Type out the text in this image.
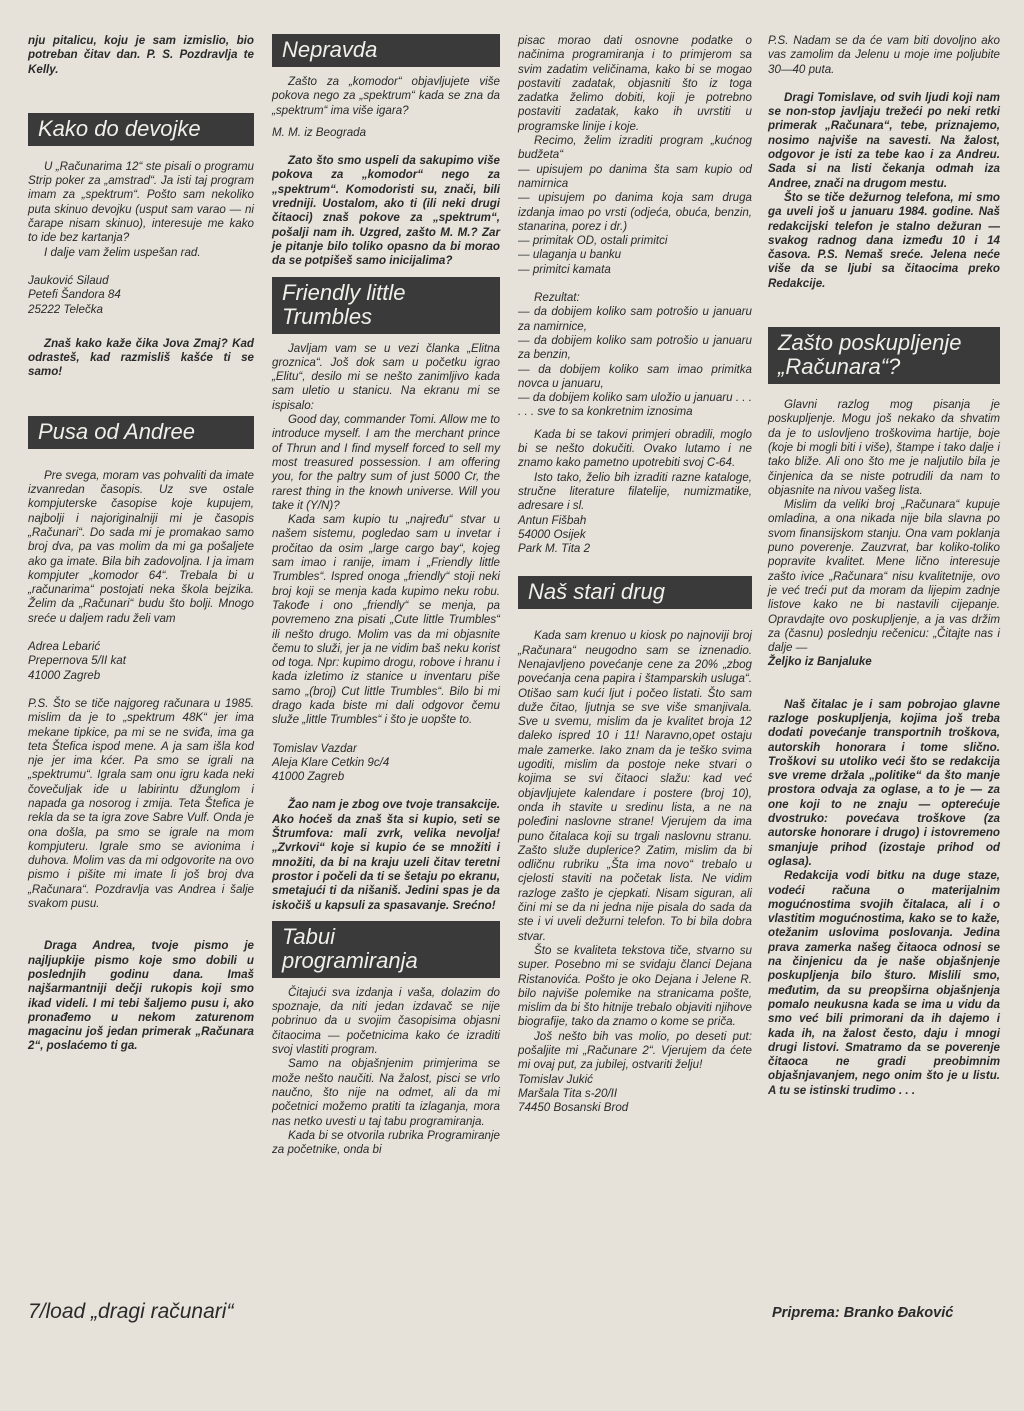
nju pitalicu, koju je sam izmislio, bio potreban čitav dan. P. S. Pozdravlja te Kelly.

Kako do devojke

U „Računarima 12“ ste pisali o programu Strip poker za „amstrad“. Ja isti taj program imam za „spektrum“. Pošto sam nekoliko puta skinuo devojku (usput sam varao — ni čarape nisam skinuo), interesuje me kako to ide bez kartanja?

I dalje vam želim uspešan rad.

Jauković Silaud
Petefi Šandora 84
25222 Telečka

Znaš kako kaže čika Jova Zmaj? Kad odrasteš, kad razmisliš kašće ti se samo!

Pusa od Andree

Pre svega, moram vas pohvaliti da imate izvanredan časopis. Uz sve ostale kompjuterske časopise koje kupujem, najbolji i najoriginalniji mi je časopis „Računari“. Do sada mi je promakao samo broj dva, pa vas molim da mi ga pošaljete ako ga imate. Bila bih zadovoljna. I ja imam kompjuter „komodor 64“. Trebala bi u „računarima“ postojati neka škola bejzika. Želim da „Računari“ budu što bolji. Mnogo sreće u daljem radu želi vam

Adrea Lebarić
Prepernova 5/II kat
41000 Zagreb

P.S. Što se tiče najgoreg računara u 1985. mislim da je to „spektrum 48K“ jer ima mekane tipkice, pa mi se ne sviđa, ima ga teta Štefica ispod mene. A ja sam išla kod nje jer ima kćer. Pa smo se igrali na „spektrumu“. Igrala sam onu igru kada neki čovečuljak ide u labirintu džunglom i napada ga nosorog i zmija. Teta Štefica je rekla da se ta igra zove Sabre Vulf. Onda je ona došla, pa smo se igrale na mom kompjuteru. Igrale smo se avionima i duhova. Molim vas da mi odgovorite na ovo pismo i pišite mi imate li još broj dva „Računara“. Pozdravlja vas Andrea i šalje svakom pusu.

Draga Andrea, tvoje pismo je najljupkije pismo koje smo dobili u poslednjih godinu dana. Imaš najšarmantniji dečji rukopis koji smo ikad videli. I mi tebi šaljemo pusu i, ako pronađemo u nekom zaturenom magacinu još jedan primerak „Računara 2“, poslaćemo ti ga.

Nepravda

Zašto za „komodor“ objavljujete više pokova nego za „spektrum“ kada se zna da „spektrum“ ima više igara?

M. M. iz Beograda

Zato što smo uspeli da sakupimo više pokova za „komodor“ nego za „spektrum“. Komodoristi su, znači, bili vredniji. Uostalom, ako ti (ili neki drugi čitaoci) znaš pokove za „spektrum“, pošalji nam ih. Uzgred, zašto M. M.? Zar je pitanje bilo toliko opasno da bi morao da se potpišeš samo inicijalima?

Friendly little
Trumbles

Javljam vam se u vezi članka „Elitna groznica“. Još dok sam u početku igrao „Elitu“, desilo mi se nešto zanimljivo kada sam uletio u stanicu. Na ekranu mi se ispisalo:

Good day, commander Tomi. Allow me to introduce myself. I am the merchant prince of Thrun and I find myself forced to sell my most treasured possession. I am offering you, for the paltry sum of just 5000 Cr, the rarest thing in the knowh universe. Will you take it (Y/N)?

Kada sam kupio tu „najređu“ stvar u našem sistemu, pogledao sam u invetar i pročitao da osim „large cargo bay“, kojeg sam imao i ranije, imam i „Friendly little Trumbles“. Ispred onoga „friendly“ stoji neki broj koji se menja kada kupimo neku robu. Takođe i ono „friendly“ se menja, pa povremeno zna pisati „Cute little Trumbles“ ili nešto drugo. Molim vas da mi objasnite čemu to služi, jer ja ne vidim baš neku korist od toga. Npr: kupimo drogu, robove i hranu i kada izletimo iz stanice u inventaru piše samo „(broj) Cut little Trumbles“. Bilo bi mi drago kada biste mi dali odgovor čemu služe „little Trumbles“ i što je uopšte to.

Tomislav Vazdar
Aleja Klare Cetkin 9c/4
41000 Zagreb

Žao nam je zbog ove tvoje transakcije. Ako hoćeš da znaš šta si kupio, seti se Štrumfova: mali zvrk, velika nevolja! „Zvrkovi“ koje si kupio će se množiti i množiti, da bi na kraju uzeli čitav teretni prostor i počeli da ti se šetaju po ekranu, smetajući ti da nišaniš. Jedini spas je da iskočiš u kapsuli za spasavanje. Srećno!

Tabui
programiranja

Čitajući sva izdanja i vaša, dolazim do spoznaje, da niti jedan izdavač se nije pobrinuo da u svojim časopisima objasni čitaocima — početnicima kako će izraditi svoj vlastiti program.

Samo na objašnjenim primjerima se može nešto naučiti. Na žalost, pisci se vrlo naučno, što nije na odmet, ali da mi početnici možemo pratiti ta izlaganja, mora nas netko uvesti u taj tabu programiranja.

Kada bi se otvorila rubrika Programiranje za početnike, onda bi

pisac morao dati osnovne podatke o načinima programiranja i to primjerom sa svim zadatim veličinama, kako bi se mogao postaviti zadatak, objasniti što iz toga zadatka želimo dobiti, koji je potrebno postaviti zadatak, kako ih uvrstiti u programske linije i koje.

Recimo, želim izraditi program „kućnog budžeta“

— upisujem po danima šta sam kupio od namirnica

— upisujem po danima koja sam druga izdanja imao po vrsti (odjeća, obuća, benzin, stanarina, porez i dr.)

— primitak OD, ostali primitci

— ulaganja u banku

— primitci kamata

Rezultat:

— da dobijem koliko sam potrošio u januaru za namirnice,

— da dobijem koliko sam potrošio u januaru za benzin,

— da dobijem koliko sam imao primitka novca u januaru,

— da dobijem koliko sam uložio u januaru . . .

. . . sve to sa konkretnim iznosima

Kada bi se takovi primjeri obradili, moglo bi se nešto dokučiti. Ovako lutamo i ne znamo kako pametno upotrebiti svoj C-64.

Isto tako, želio bih izraditi razne kataloge, stručne literature filatelije, numizmatike, adresare i sl.

Antun Fišbah
54000 Osijek
Park M. Tita 2
Naš stari drug

Kada sam krenuo u kiosk po najnoviji broj „Računara“ neugodno sam se iznenadio. Nenajavljeno povećanje cene za 20% „zbog povećanja cena papira i štamparskih usluga“. Otišao sam kući ljut i počeo listati. Što sam duže čitao, ljutnja se sve više smanjivala. Sve u svemu, mislim da je kvalitet broja 12 daleko ispred 10 i 11! Naravno,opet ostaju male zamerke. Iako znam da je teško svima ugoditi, mislim da postoje neke stvari o kojima se svi čitaoci slažu: kad već objavljujete kalendare i postere (broj 10), onda ih stavite u sredinu lista, a ne na poleđini naslovne strane! Vjerujem da ima puno čitalaca koji su trgali naslovnu stranu. Zašto služe duplerice? Zatim, mislim da bi odličnu rubriku „Šta ima novo“ trebalo u cjelosti staviti na početak lista. Ne vidim razloge zašto je cjepkati. Nisam siguran, ali čini mi se da ni jedna nije pisala do sada da ste i vi uveli dežurni telefon. To bi bila dobra stvar.

Što se kvaliteta tekstova tiče, stvarno su super. Posebno mi se svidaju članci Dejana Ristanovića. Pošto je oko Dejana i Jelene R. bilo najviše polemike na stranicama pošte, mislim da bi što hitnije trebalo objaviti njihove biografije, tako da znamo o kome se priča.

Još nešto bih vas molio, po deseti put: pošaljite mi „Računare 2“. Vjerujem da ćete mi ovaj put, za jubilej, ostvariti želju!

Tomislav Jukić
Maršala Tita s-20/II
74450 Bosanski Brod

P.S. Nadam se da će vam biti dovoljno ako vas zamolim da Jelenu u moje ime poljubite 30—40 puta.

Dragi Tomislave, od svih ljudi koji nam se non-stop javljaju trežeći po neki retki primerak „Računara“, tebe, priznajemo, nosimo najviše na savesti. Na žalost, odgovor je isti za tebe kao i za Andreu. Sada si na listi čekanja odmah iza Andree, znači na drugom mestu.

Što se tiče dežurnog telefona, mi smo ga uveli još u januaru 1984. godine. Naš redakcijski telefon je stalno dežuran — svakog radnog dana između 10 i 14 časova. P.S. Nemaš sreće. Jelena neće više da se ljubi sa čitaocima preko Redakcije.

Zašto poskupljenje
„Računara“?

Glavni razlog mog pisanja je poskupljenje. Mogu još nekako da shvatim da je to uslovljeno troškovima hartije, boje (koje bi mogli biti i više), štampe i tako dalje i tako bliže. Ali ono što me je naljutilo bila je činjenica da se niste potrudili da nam to objasnite na nivou vašeg lista.

Mislim da veliki broj „Računara“ kupuje omladina, a ona nikada nije bila slavna po svom finansijskom stanju. Ona vam poklanja puno poverenje. Zauzvrat, bar koliko-toliko popravite kvalitet. Mene lično interesuje zašto ivice „Računara“ nisu kvalitetnije, ovo je već treći put da moram da lijepim zadnje listove kako ne bi nastavili cijepanje. Opravdajte ovo poskupljenje, a ja vas držim za (časnu) poslednju rečenicu: „Čitajte nas i dalje —

Željko iz Banjaluke

Naš čitalac je i sam pobrojao glavne razloge poskupljenja, kojima još treba dodati povećanje transportnih troškova, autorskih honorara i tome slično. Troškovi su utoliko veći što se redakcija sve vreme držala „politike“ da što manje prostora odvaja za oglase, a to je — za one koji to ne znaju — opterećuje dvostruko: povećava troškove (za autorske honorare i drugo) i istovremeno smanjuje prihod (izostaje prihod od oglasa).

Redakcija vodi bitku na duge staze, vodeći računa o materijalnim mogućnostima svojih čitalaca, ali i o vlastitim mogućnostima, kako se to kaže, otežanim uslovima poslovanja. Jedina prava zamerka našeg čitaoca odnosi se na činjenicu da je naše objašnjenje poskupljenja bilo šturo. Mislili smo, međutim, da su preopširna objašnjenja pomalo neukusna kada se ima u vidu da smo već bili primorani da ih dajemo i kada ih, na žalost često, daju i mnogi drugi listovi. Smatramo da se poverenje čitaoca ne gradi preobimnim objašnjavanjem, nego onim što je u listu. A tu se istinski trudimo . . .

7/load „dragi računari“	Priprema: Branko Đaković
